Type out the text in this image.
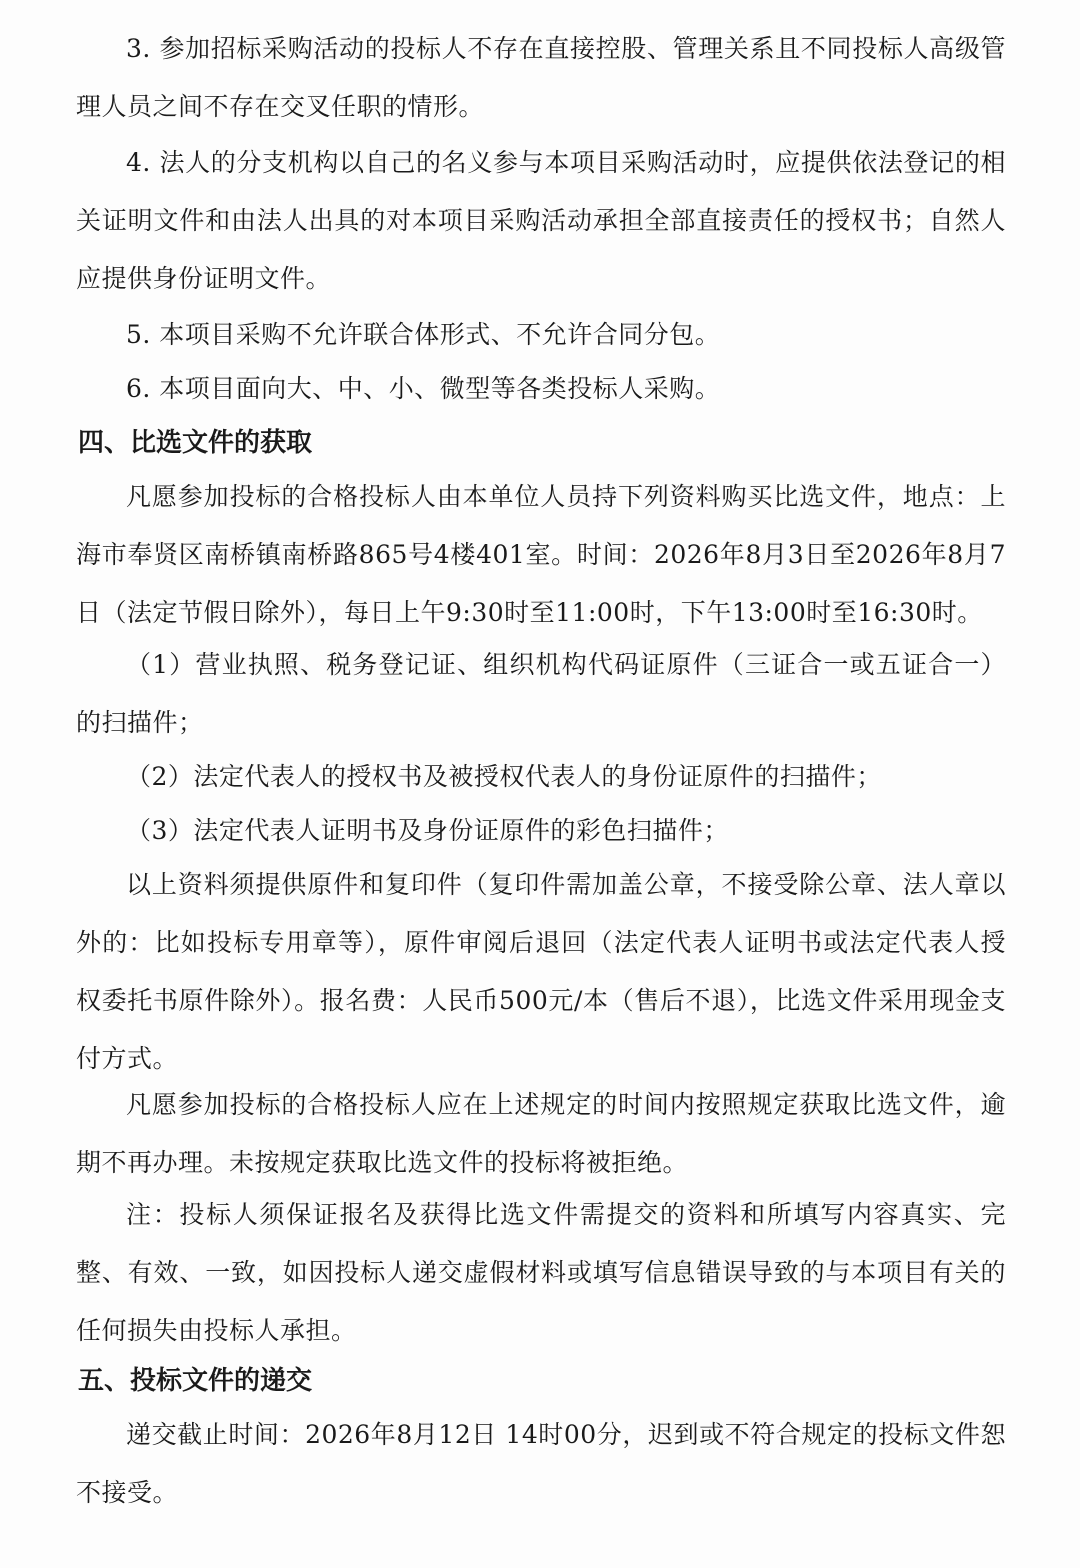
3. 参加招标采购活动的投标人不存在直接控股、管理关系且不同投标人高级管理人员之间不存在交叉任职的情形。

4. 法人的分支机构以自己的名义参与本项目采购活动时，应提供依法登记的相关证明文件和由法人出具的对本项目采购活动承担全部直接责任的授权书；自然人应提供身份证明文件。

5. 本项目采购不允许联合体形式、不允许合同分包。

6. 本项目面向大、中、小、微型等各类投标人采购。

四、比选文件的获取

凡愿参加投标的合格投标人由本单位人员持下列资料购买比选文件，地点：上海市奉贤区南桥镇南桥路865号4楼401室。时间：2026年8月3日至2026年8月7日（法定节假日除外），每日上午9:30时至11:00时，下午13:00时至16:30时。

（1）营业执照、税务登记证、组织机构代码证原件（三证合一或五证合一）的扫描件；

（2）法定代表人的授权书及被授权代表人的身份证原件的扫描件；

（3）法定代表人证明书及身份证原件的彩色扫描件；

以上资料须提供原件和复印件（复印件需加盖公章，不接受除公章、法人章以外的：比如投标专用章等），原件审阅后退回（法定代表人证明书或法定代表人授权委托书原件除外）。报名费：人民币500元/本（售后不退），比选文件采用现金支付方式。

凡愿参加投标的合格投标人应在上述规定的时间内按照规定获取比选文件，逾期不再办理。未按规定获取比选文件的投标将被拒绝。

注：投标人须保证报名及获得比选文件需提交的资料和所填写内容真实、完整、有效、一致，如因投标人递交虚假材料或填写信息错误导致的与本项目有关的任何损失由投标人承担。

五、投标文件的递交

递交截止时间：2026年8月12日 14时00分，迟到或不符合规定的投标文件恕不接受。
